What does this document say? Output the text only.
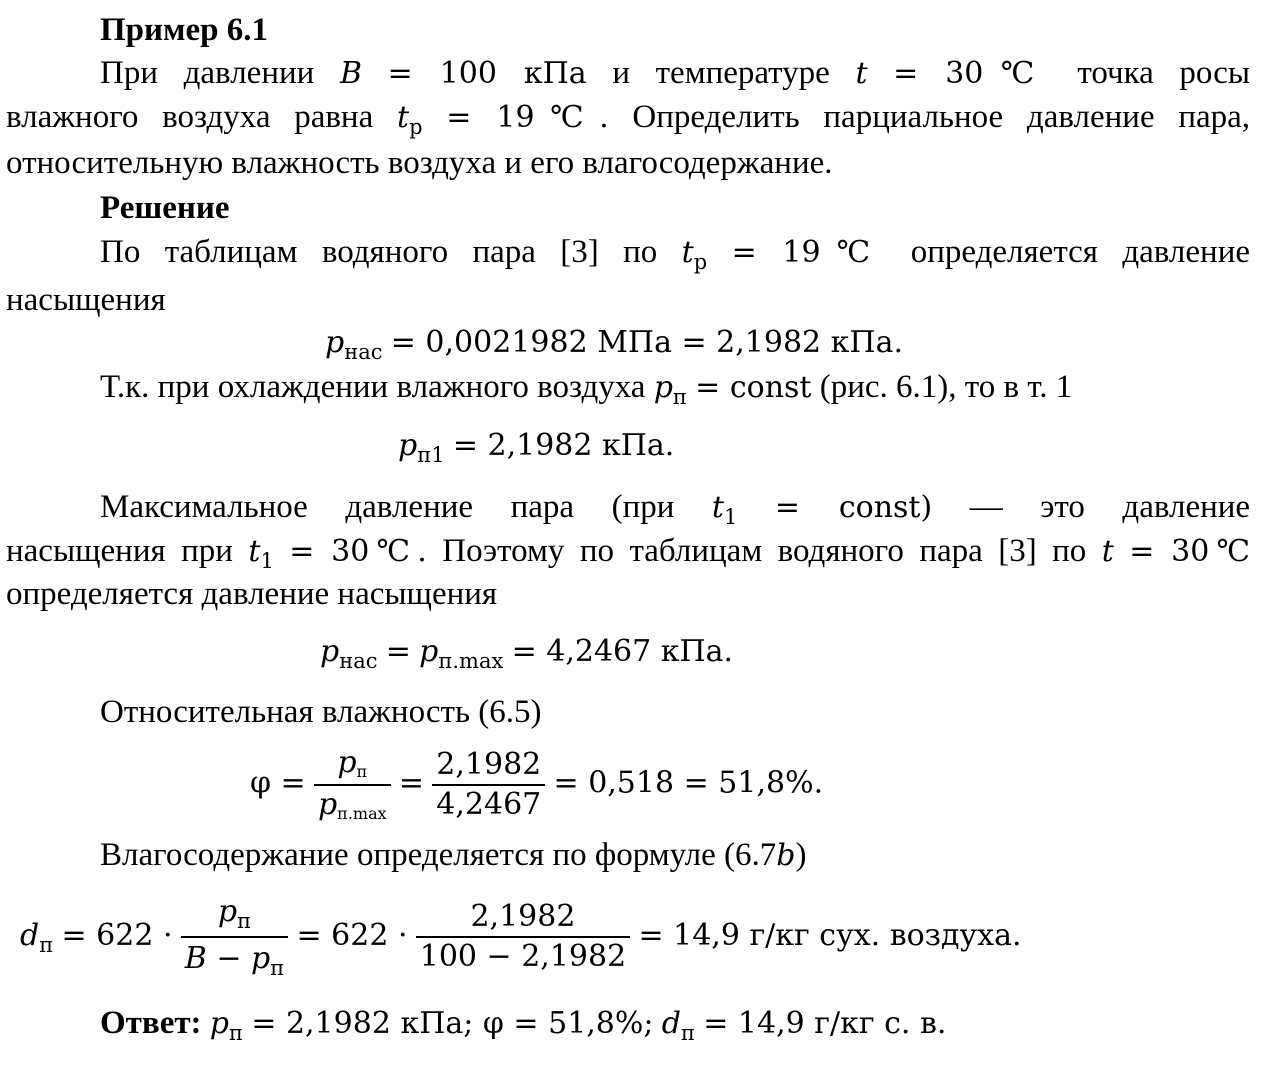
Пример 6.1
При давлении B = 100 кПа и температуре t = 30℃ точка росы
влажного воздуха равна $t_р$ = 19℃. Определить парциальное давление пара,
относительную влажность воздуха и его влагосодержание.
Решение
По таблицам водяного пара [3] по $t_р$ = 19℃ определяется давление
насыщения
$p_{нас} = 0,0021982$ МПа = 2,1982 кПа.
Т.к. при охлаждении влажного воздуха $p_п$ = const (рис. 6.1), то в т. 1
$p_{п1} = 2,1982$ кПа.
Максимальное давление пара (при $t_1$ = const) — это давление
насыщения при $t_1$ = 30℃. Поэтому по таблицам водяного пара [3] по t = 30℃
определяется давление насыщения
$p_{нас} = p_{п.max} = 4,2467$ кПа.
Относительная влажность (6.5)
$\varphi = \frac{p_п}{p_{п.max}} = \frac{2,1982}{4,2467} = 0,518 = 51,8\%$.
Влагосодержание определяется по формуле (6.7b)
$d_п = 622 \cdot \frac{p_п}{B - p_п} = 622 \cdot \frac{2,1982}{100 - 2,1982} = 14,9$ г/кг сух. воздуха.
Ответ: $p_п = 2,1982$ кПа; φ = 51,8%; $d_п = 14,9$ г/кг с. в.
